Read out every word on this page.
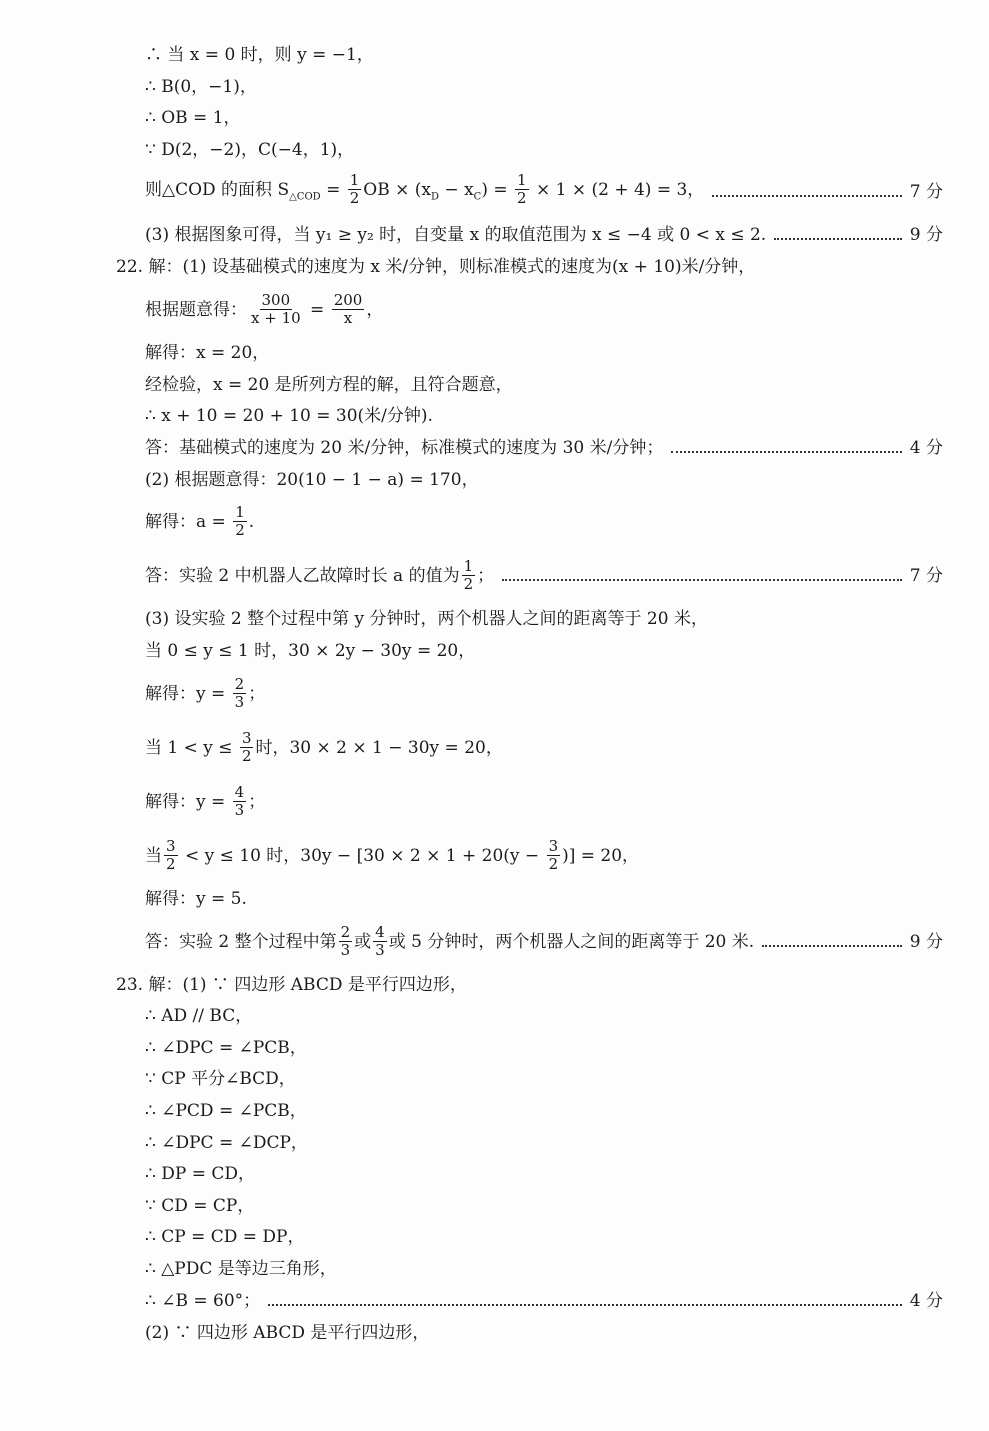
∴ 当 x = 0 时，则 y = −1，
∴ B(0，−1)，
∴ OB = 1，
∵ D(2，−2)，C(−4，1)，
则△COD 的面积 $S_{\triangle COD} = \frac{1}{2}$ OB × $(x_D - x_C) = \frac{1}{2} \times 1 \times (2 + 4) = 3$，	7 分
(3) 根据图象可得，当 y₁ ≥ y₂ 时，自变量 x 的取值范围为 x ≤ −4 或 0 < x ≤ 2.	9 分
22. 解：(1) 设基础模式的速度为 x 米/分钟，则标准模式的速度为(x + 10)米/分钟，
根据题意得： $\frac{300}{x + 10} = \frac{200}{x}$ ，
解得：x = 20，
经检验，x = 20 是所列方程的解，且符合题意，
∴ x + 10 = 20 + 10 = 30(米/分钟).
答：基础模式的速度为 20 米/分钟，标准模式的速度为 30 米/分钟；	4 分
(2) 根据题意得：20(10 − 1 − a) = 170，
解得：$a = \frac{1}{2}$ .
答：实验 2 中机器人乙故障时长 a 的值为 $\frac{1}{2}$ ；	7 分
(3) 设实验 2 整个过程中第 y 分钟时，两个机器人之间的距离等于 20 米，
当 0 ≤ y ≤ 1 时，30 × 2y − 30y = 20，
解得：$y = \frac{2}{3}$ ；
当 $1 < y \le \frac{3}{2}$ 时，30 × 2 × 1 − 30y = 20，
解得：$y = \frac{4}{3}$ ；
当 $\frac{3}{2} < y \le 10$ 时，$30y - [30 \times 2 \times 1 + 20(y - \frac{3}{2}$ )] = 20，
解得：y = 5.
答：实验 2 整个过程中第 $\frac{2}{3}$ 或 $\frac{4}{3}$ 或 5 分钟时，两个机器人之间的距离等于 20 米.	9 分
23. 解：(1) ∵ 四边形 ABCD 是平行四边形，
∴ AD // BC，
∴ ∠DPC = ∠PCB，
∵ CP 平分∠BCD，
∴ ∠PCD = ∠PCB，
∴ ∠DPC = ∠DCP，
∴ DP = CD，
∵ CD = CP，
∴ CP = CD = DP，
∴ △PDC 是等边三角形，
∴ ∠B = 60°；	4 分
(2) ∵ 四边形 ABCD 是平行四边形，
